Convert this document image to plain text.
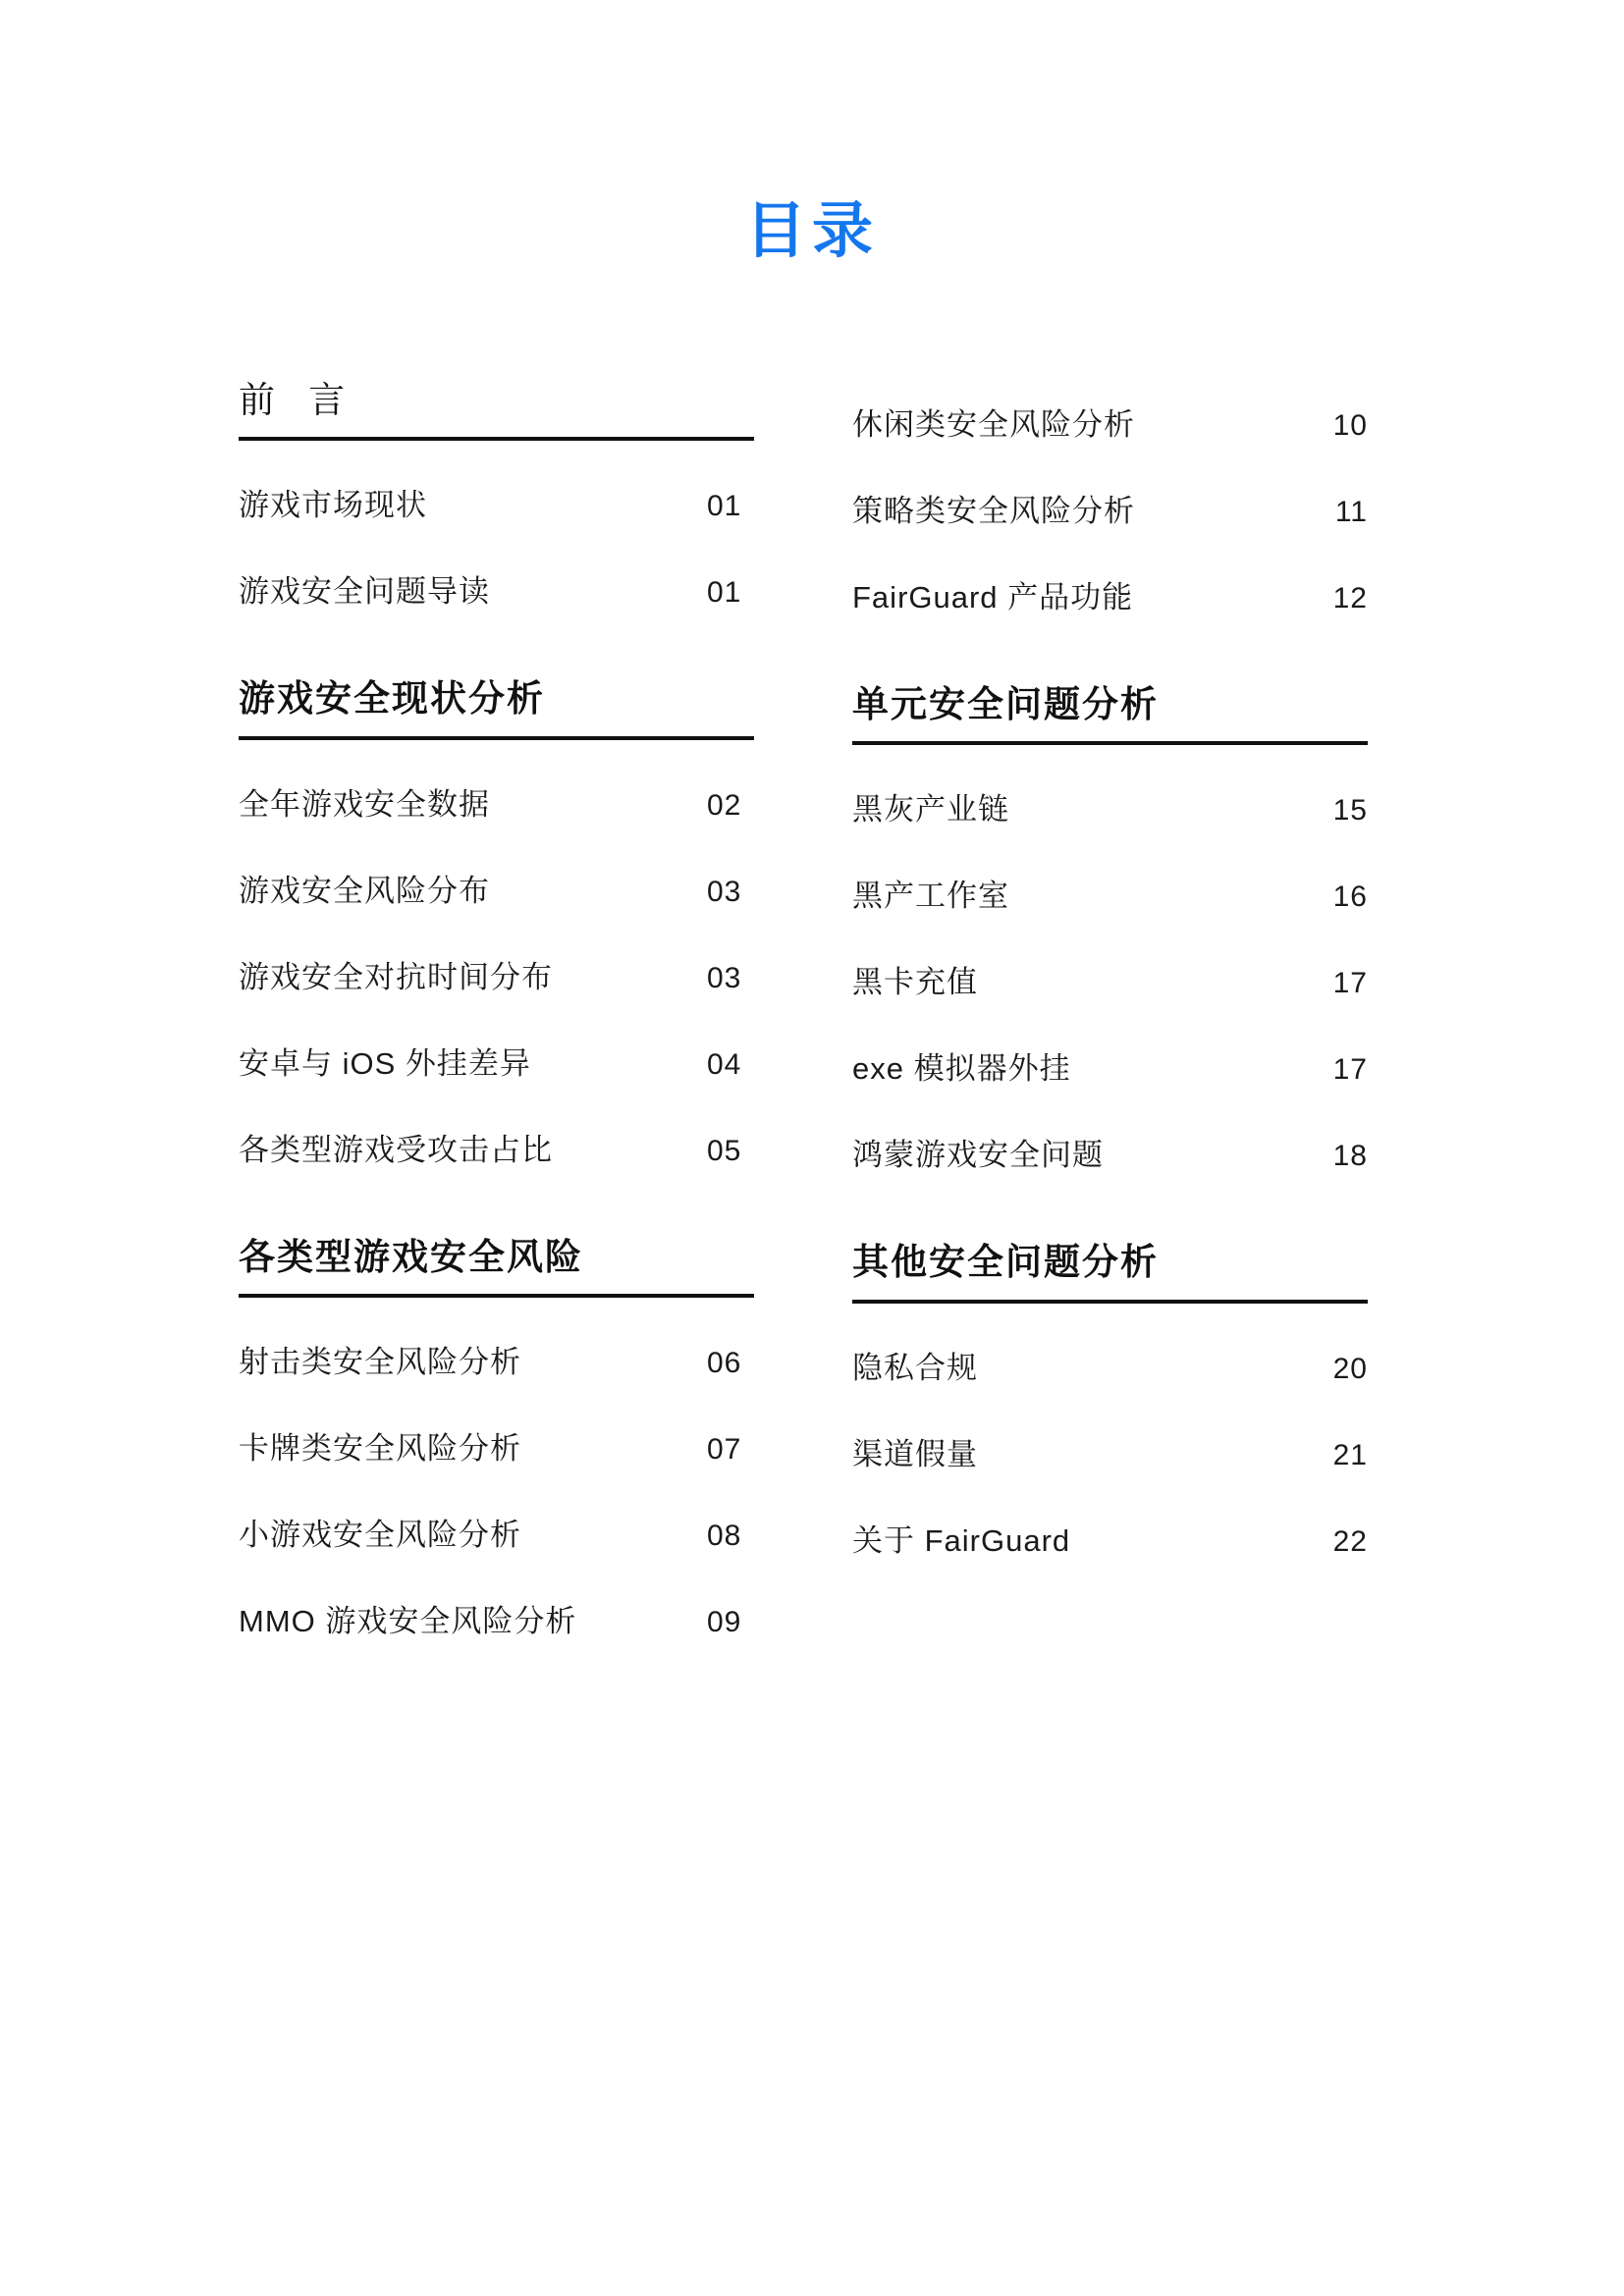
目录
前 言
游戏市场现状	01
游戏安全问题导读	01
游戏安全现状分析
全年游戏安全数据	02
游戏安全风险分布	03
游戏安全对抗时间分布	03
安卓与 iOS 外挂差异	04
各类型游戏受攻击占比	05
各类型游戏安全风险
射击类安全风险分析	06
卡牌类安全风险分析	07
小游戏安全风险分析	08
MMO 游戏安全风险分析	09
休闲类安全风险分析	10
策略类安全风险分析	11
FairGuard 产品功能	12
单元安全问题分析
黑灰产业链	15
黑产工作室	16
黑卡充值	17
exe 模拟器外挂	17
鸿蒙游戏安全问题	18
其他安全问题分析
隐私合规	20
渠道假量	21
关于 FairGuard	22
